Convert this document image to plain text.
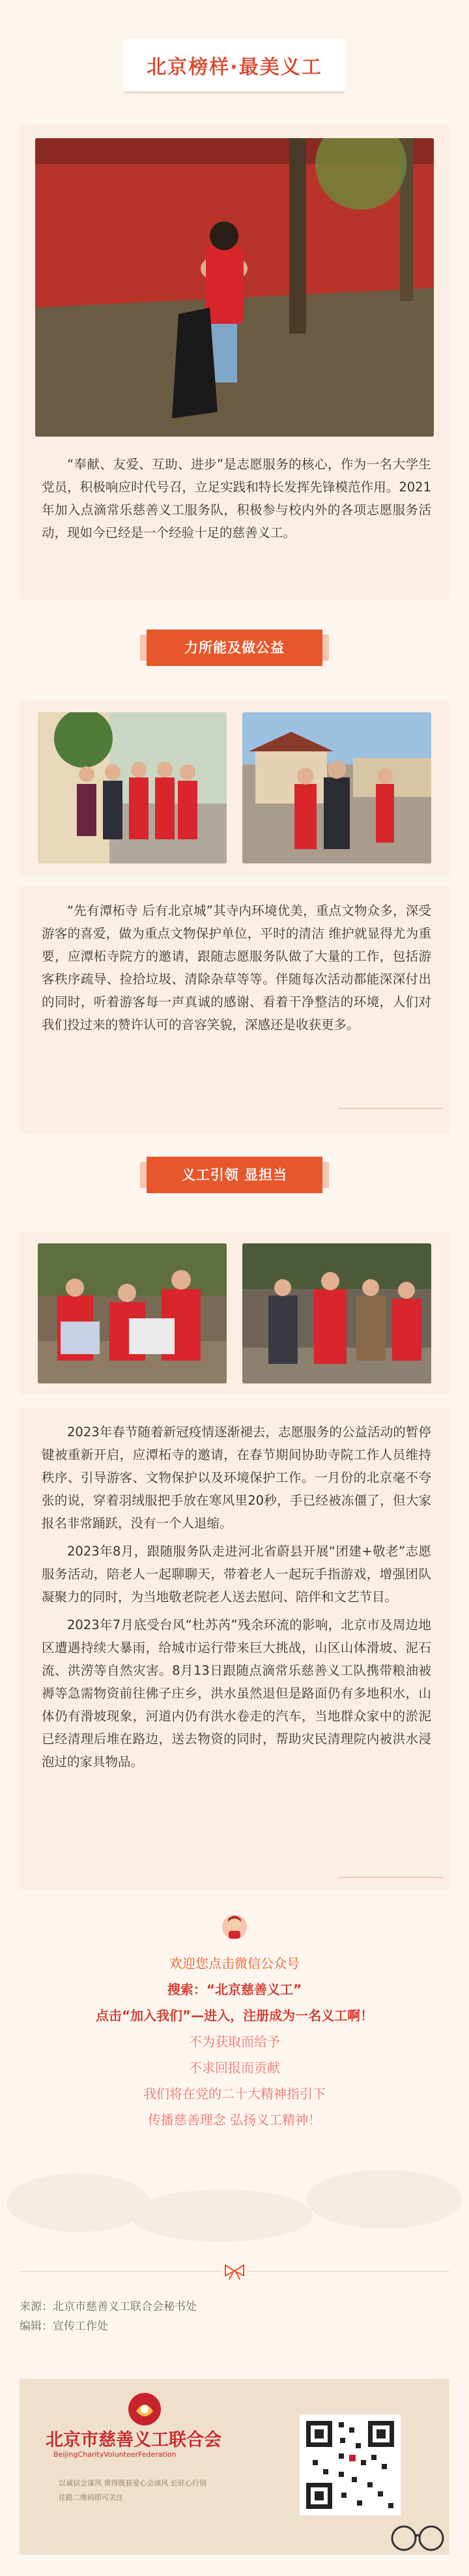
北京榜样·最美义工

“奉献、友爱、互助、进步”是志愿服务的核心，作为一名大学生党员，积极响应时代号召，立足实践和特长发挥先锋模范作用。2021年加入点滴常乐慈善义工服务队，积极参与校内外的各项志愿服务活动，现如今已经是一个经验十足的慈善义工。

力所能及做公益

“先有潭柘寺 后有北京城”其寺内环境优美，重点文物众多，深受游客的喜爱，做为重点文物保护单位，平时的清洁 维护就显得尤为重要，应潭柘寺院方的邀请，跟随志愿服务队做了大量的工作，包括游客秩序疏导、捡拾垃圾、清除杂草等等。伴随每次活动都能深深付出的同时，听着游客每一声真诚的感谢、看着干净整洁的环境，人们对我们投过来的赞许认可的音容笑貌，深感还是收获更多。

义工引领 显担当

2023年春节随着新冠疫情逐渐褪去，志愿服务的公益活动的暂停键被重新开启，应潭柘寺的邀请，在春节期间协助寺院工作人员维持秩序、引导游客、文物保护以及环境保护工作。一月份的北京毫不夸张的说，穿着羽绒服把手放在寒风里20秒，手已经被冻僵了，但大家报名非常踊跃，没有一个人退缩。

2023年8月，跟随服务队走进河北省蔚县开展“团建+敬老”志愿服务活动，陪老人一起聊聊天，带着老人一起玩手指游戏，增强团队凝聚力的同时，为当地敬老院老人送去慰问、陪伴和文艺节目。

2023年7月底受台风“杜苏芮”残余环流的影响，北京市及周边地区遭遇持续大暴雨，给城市运行带来巨大挑战，山区山体滑坡、泥石流、洪涝等自然灾害。8月13日跟随点滴常乐慈善义工队携带粮油被褥等急需物资前往佛子庄乡，洪水虽然退但是路面仍有多地积水，山体仍有滑坡现象，河道内仍有洪水卷走的汽车，当地群众家中的淤泥已经清理后堆在路边，送去物资的同时，帮助灾民清理院内被洪水浸泡过的家具物品。

欢迎您点击微信公众号
搜索：“北京慈善义工”
点击“加入我们”—进入，注册成为一名义工啊！
不为获取而给予
不求回报而贡献
我们将在党的二十大精神指引下
传播慈善理念 弘扬义工精神！
来源：北京市慈善义工联合会秘书处
编辑：宣传工作处
北京市慈善义工联合会
BeijingCharityVolunteerFederation
以诚信会谋风 常得既获爱心会谈风 长驻心行别 往路二维码即可关注
